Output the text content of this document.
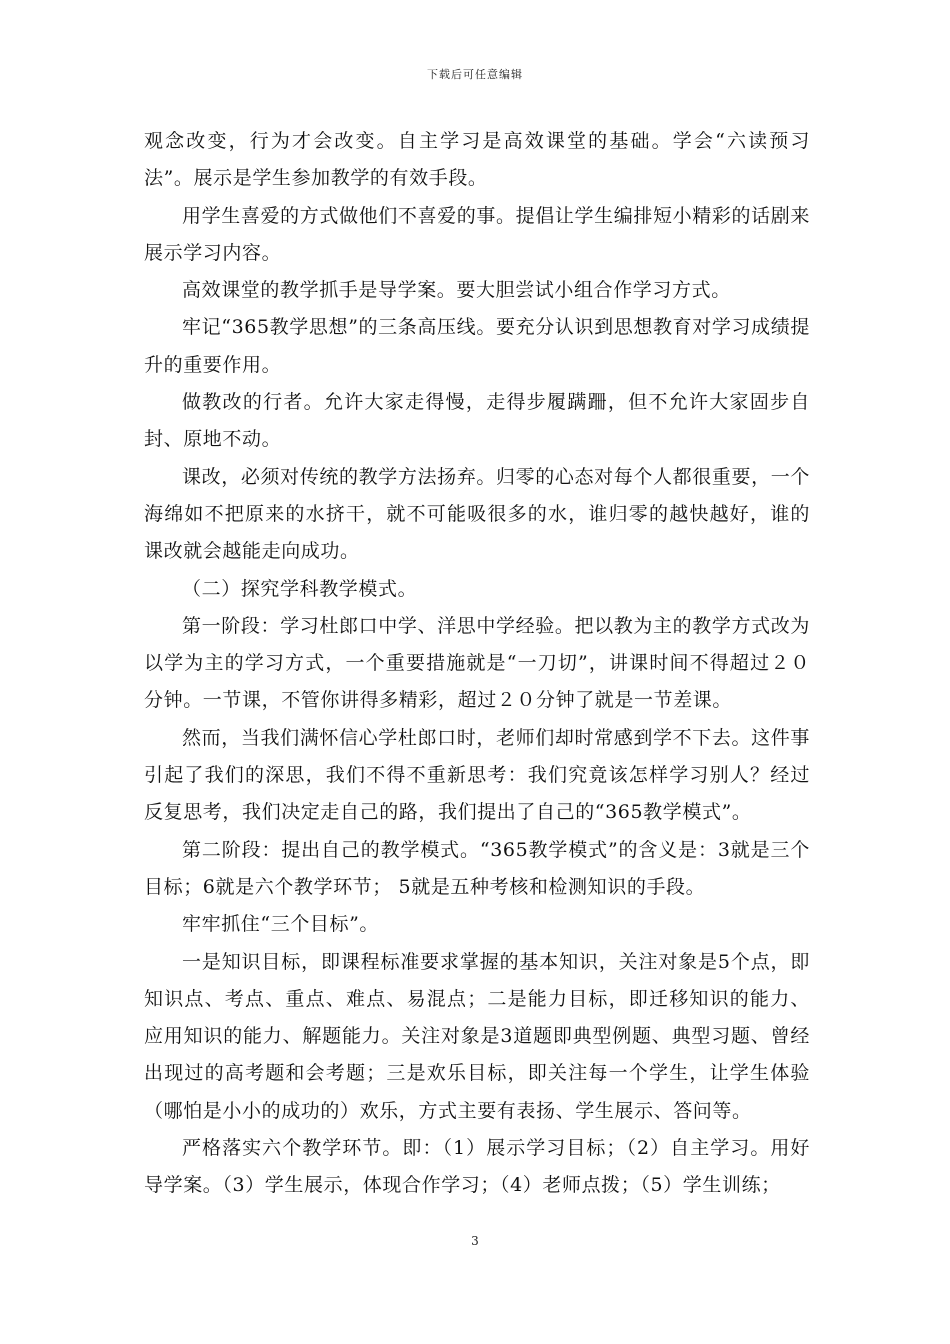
下载后可任意编辑

观念改变，行为才会改变。自主学习是高效课堂的基础。学会“六读预习法”。展示是学生参加教学的有效手段。

用学生喜爱的方式做他们不喜爱的事。提倡让学生编排短小精彩的话剧来展示学习内容。

高效课堂的教学抓手是导学案。要大胆尝试小组合作学习方式。

牢记“365教学思想”的三条高压线。要充分认识到思想教育对学习成绩提升的重要作用。

做教改的行者。允许大家走得慢，走得步履蹒跚，但不允许大家固步自封、原地不动。

课改，必须对传统的教学方法扬弃。归零的心态对每个人都很重要，一个海绵如不把原来的水挤干，就不可能吸很多的水，谁归零的越快越好，谁的课改就会越能走向成功。

（二）探究学科教学模式。

第一阶段：学习杜郎口中学、洋思中学经验。把以教为主的教学方式改为以学为主的学习方式，一个重要措施就是“一刀切”，讲课时间不得超过２０分钟。一节课，不管你讲得多精彩，超过２０分钟了就是一节差课。

然而，当我们满怀信心学杜郎口时，老师们却时常感到学不下去。这件事引起了我们的深思，我们不得不重新思考：我们究竟该怎样学习别人？经过反复思考，我们决定走自己的路，我们提出了自己的“365教学模式”。

第二阶段：提出自己的教学模式。“365教学模式”的含义是：3就是三个目标；6就是六个教学环节； 5就是五种考核和检测知识的手段。

牢牢抓住“三个目标”。

一是知识目标，即课程标准要求掌握的基本知识，关注对象是5个点，即知识点、考点、重点、难点、易混点；二是能力目标，即迁移知识的能力、应用知识的能力、解题能力。关注对象是3道题即典型例题、典型习题、曾经出现过的高考题和会考题；三是欢乐目标，即关注每一个学生，让学生体验（哪怕是小小的成功的）欢乐，方式主要有表扬、学生展示、答问等。

严格落实六个教学环节。即：（1）展示学习目标；（2）自主学习。用好导学案。（3）学生展示，体现合作学习；（4）老师点拨；（5）学生训练；

3
